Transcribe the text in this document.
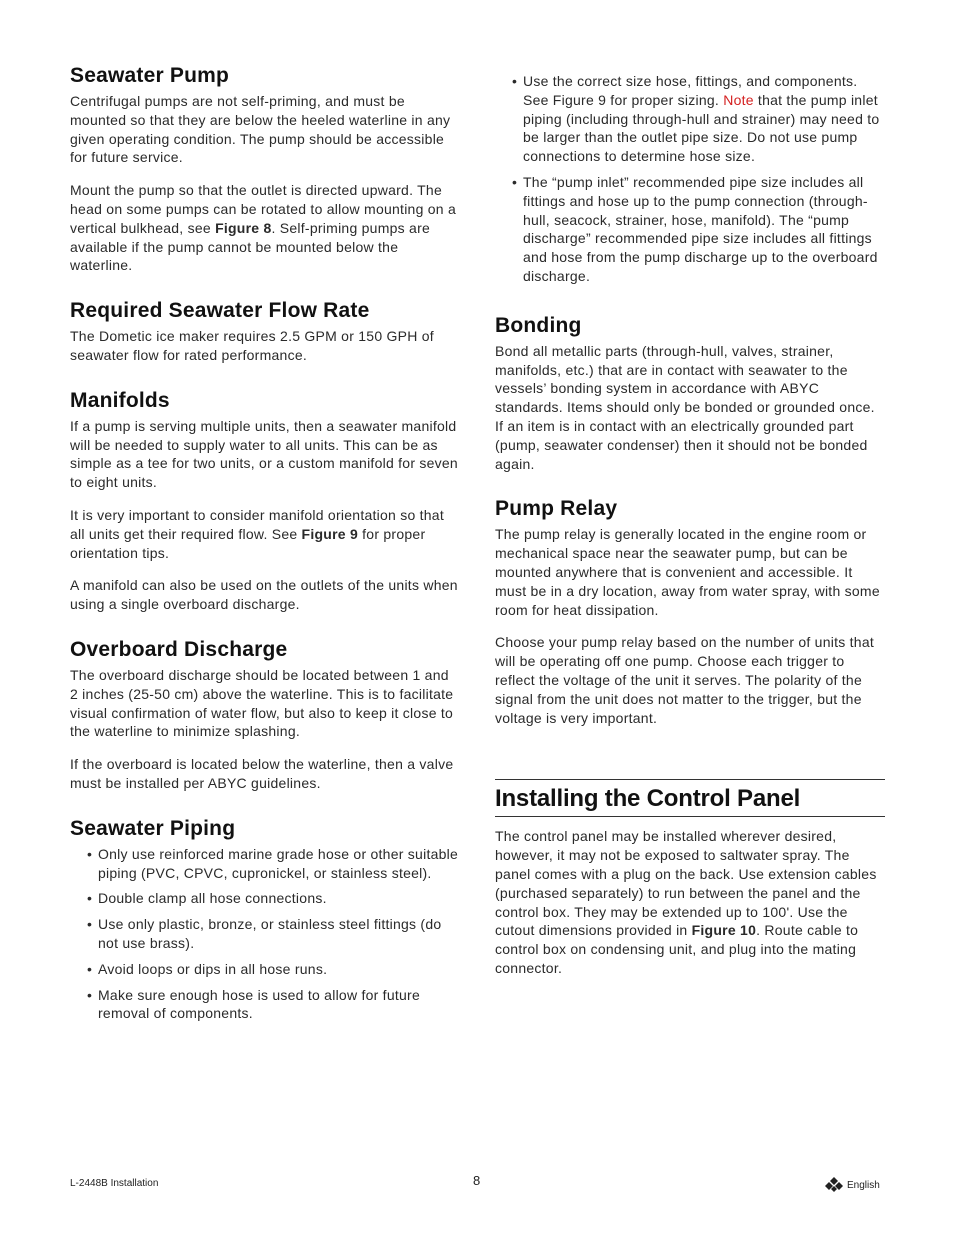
Seawater Pump

Centrifugal pumps are not self-priming, and must be mounted so that they are below the heeled waterline in any given operating condition. The pump should be accessible for future service.

Mount the pump so that the outlet is directed upward. The head on some pumps can be rotated to allow mounting on a vertical bulkhead, see Figure 8. Self-priming pumps are available if the pump cannot be mounted below the waterline.

Required Seawater Flow Rate

The Dometic ice maker requires 2.5 GPM or 150 GPH of seawater flow for rated performance.

Manifolds

If a pump is serving multiple units, then a seawater manifold will be needed to supply water to all units. This can be as simple as a tee for two units, or a custom manifold for seven to eight units.

It is very important to consider manifold orientation so that all units get their required flow. See Figure 9 for proper orientation tips.

A manifold can also be used on the outlets of the units when using a single overboard discharge.

Overboard Discharge

The overboard discharge should be located between 1 and 2 inches (25-50 cm) above the waterline. This is to facilitate visual confirmation of water flow, but also to keep it close to the waterline to minimize splashing.

If the overboard is located below the waterline, then a valve must be installed per ABYC guidelines.

Seawater Piping
• Only use reinforced marine grade hose or other suitable piping (PVC, CPVC, cupronickel, or stainless steel).
• Double clamp all hose connections.
• Use only plastic, bronze, or stainless steel fittings (do not use brass).
• Avoid loops or dips in all hose runs.
• Make sure enough hose is used to allow for future removal of components.
• Use the correct size hose, fittings, and components. See Figure 9 for proper sizing. Note that the pump inlet piping (including through-hull and strainer) may need to be larger than the outlet pipe size. Do not use pump connections to determine hose size.
• The “pump inlet” recommended pipe size includes all fittings and hose up to the pump connection (through-hull, seacock, strainer, hose, manifold). The “pump discharge” recommended pipe size includes all fittings and hose from the pump discharge up to the overboard discharge.
Bonding

Bond all metallic parts (through-hull, valves, strainer, manifolds, etc.) that are in contact with seawater to the vessels’ bonding system in accordance with ABYC standards. Items should only be bonded or grounded once. If an item is in contact with an electrically grounded part (pump, seawater condenser) then it should not be bonded again.

Pump Relay

The pump relay is generally located in the engine room or mechanical space near the seawater pump, but can be mounted anywhere that is convenient and accessible. It must be in a dry location, away from water spray, with some room for heat dissipation.

Choose your pump relay based on the number of units that will be operating off one pump. Choose each trigger to reflect the voltage of the unit it serves. The polarity of the signal from the unit does not matter to the trigger, but the voltage is very important.

Installing the Control Panel

The control panel may be installed wherever desired, however, it may not be exposed to saltwater spray. The panel comes with a plug on the back. Use extension cables (purchased separately) to run between the panel and the control box. They may be extended up to 100'. Use the cutout dimensions provided in Figure 10. Route cable to control box on condensing unit, and plug into the mating connector.

L-2448B Installation	8	English
